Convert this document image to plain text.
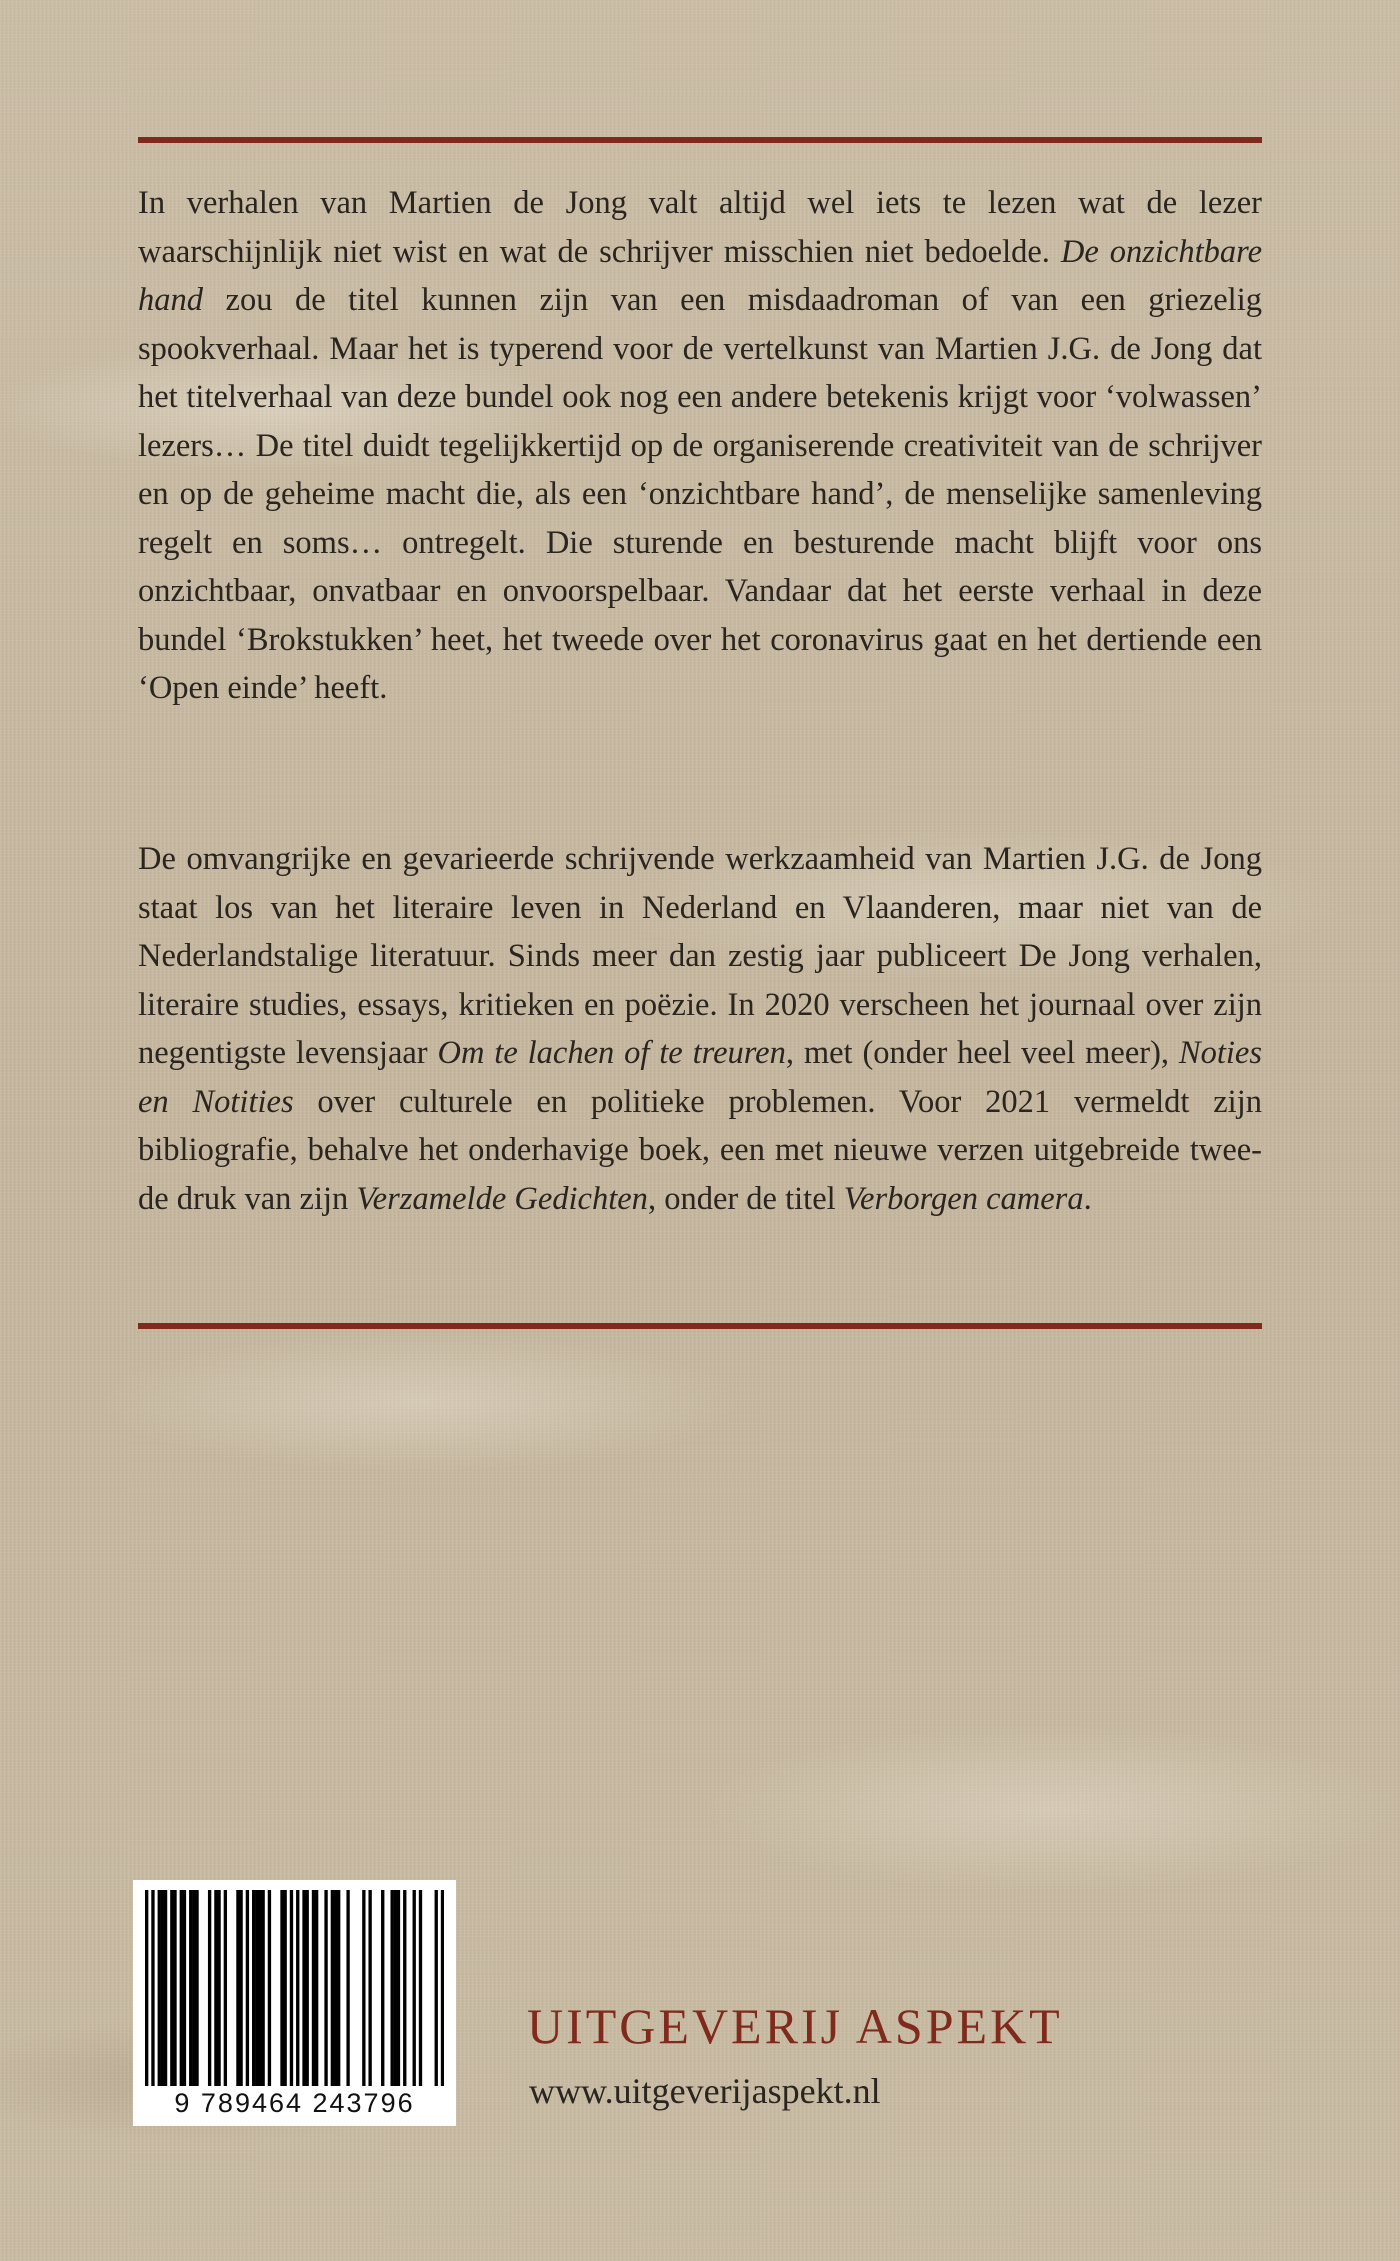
In verhalen van Martien de Jong valt altijd wel iets te lezen wat de lezer waarschijnlijk niet wist en wat de schrijver misschien niet bedoelde. De onzichtbare hand zou de titel kunnen zijn van een misdaadroman of van een griezelig spookverhaal. Maar het is typerend voor de vertelkunst van Martien J.G. de Jong dat het titelverhaal van deze bundel ook nog een andere betekenis krijgt voor ‘volwassen’ lezers… De titel duidt tegelijkkertijd op de organiserende creativiteit van de schrijver en op de geheime macht die, als een ‘onzichtbare hand’, de menselijke samenleving regelt en soms… ontregelt. Die sturende en besturende macht blijft voor ons onzichtbaar, onvatbaar en onvoorspelbaar. Vandaar dat het eerste verhaal in deze bundel ‘Brokstukken’ heet, het tweede over het coronavirus gaat en het dertiende een ‘Open einde’ heeft.

De omvangrijke en gevarieerde schrijvende werkzaamheid van Martien J.G. de Jong staat los van het literaire leven in Nederland en Vlaanderen, maar niet van de Nederlandstalige literatuur. Sinds meer dan zestig jaar publiceert De Jong verhalen, literaire studies, essays, kritieken en poëzie. In 2020 verscheen het journaal over zijn negentigste levensjaar Om te lachen of te treuren, met (onder heel veel meer), Noties en Notities over culturele en politieke problemen. Voor 2021 vermeldt zijn bibliografie, behalve het onderhavige boek, een met nieuwe verzen uitgebreide tweede druk van zijn Verzamelde Gedichten, onder de titel Verborgen camera.

9 789464 243796
UITGEVERIJ ASPEKT
www.uitgeverijaspekt.nl
